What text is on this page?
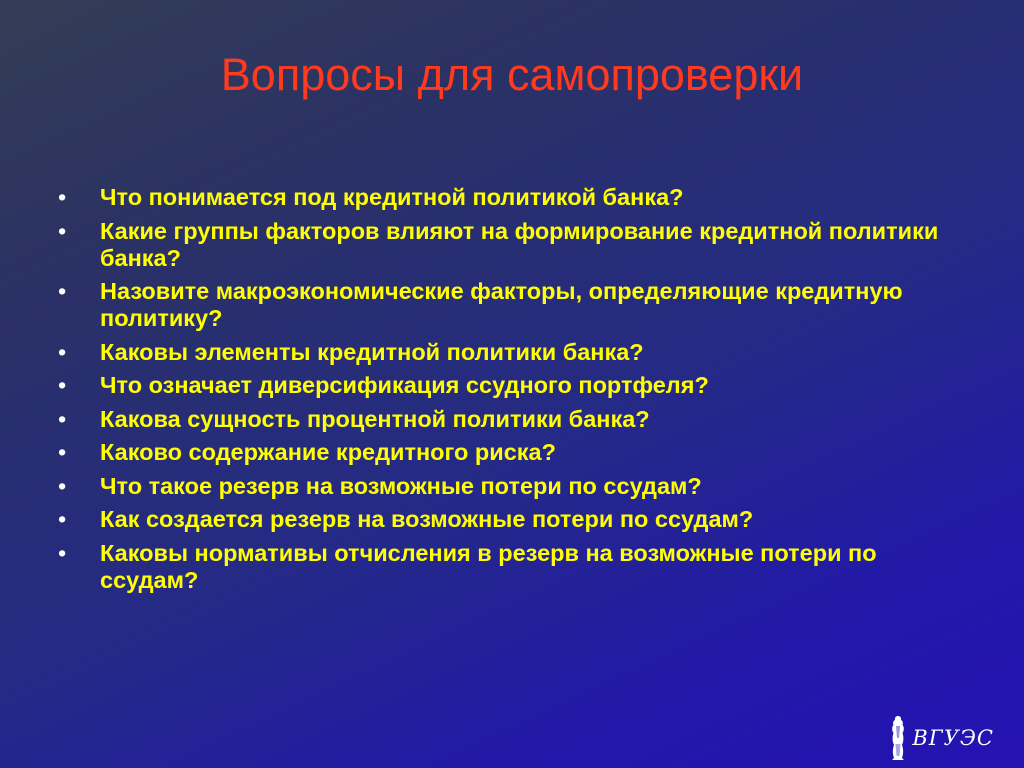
Вопросы для самопроверки
• Что понимается под кредитной политикой банка?
• Какие группы факторов влияют на формирование кредитной политики банка?
• Назовите макроэкономические факторы, определяющие кредитную политику?
• Каковы элементы кредитной политики банка?
• Что означает диверсификация ссудного портфеля?
• Какова сущность процентной политики банка?
• Каково содержание кредитного риска?
• Что такое резерв на возможные потери по ссудам?
• Как создается резерв на возможные потери по ссудам?
• Каковы нормативы отчисления в резерв на возможные потери по ссудам?
ВГУЭС
